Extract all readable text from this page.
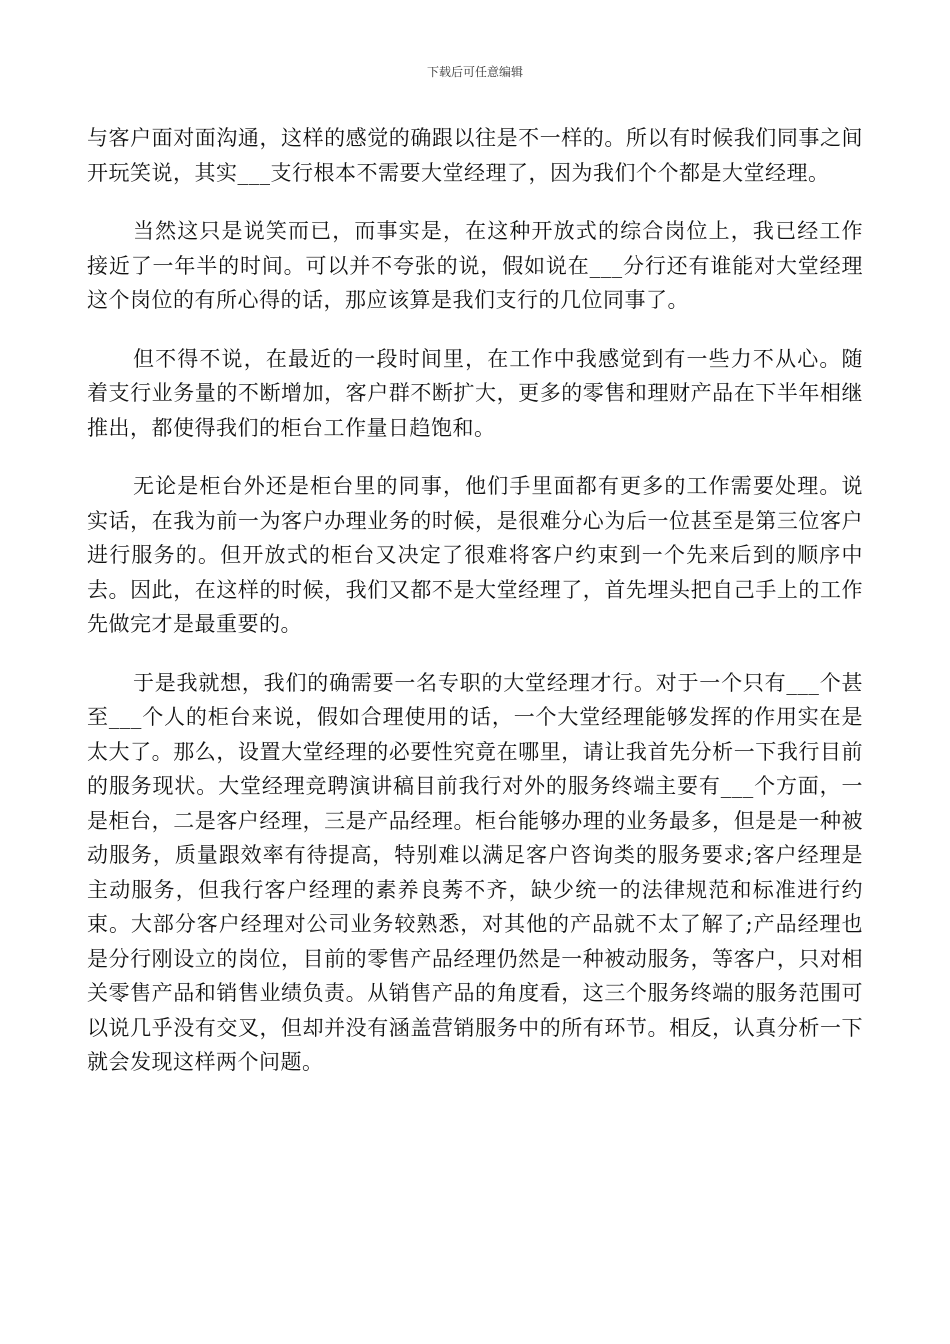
下载后可任意编辑

与客户面对面沟通，这样的感觉的确跟以往是不一样的。所以有时候我们同事之间开玩笑说，其实___支行根本不需要大堂经理了，因为我们个个都是大堂经理。

当然这只是说笑而已，而事实是，在这种开放式的综合岗位上，我已经工作接近了一年半的时间。可以并不夸张的说，假如说在___分行还有谁能对大堂经理这个岗位的有所心得的话，那应该算是我们支行的几位同事了。

但不得不说，在最近的一段时间里，在工作中我感觉到有一些力不从心。随着支行业务量的不断增加，客户群不断扩大，更多的零售和理财产品在下半年相继推出，都使得我们的柜台工作量日趋饱和。

无论是柜台外还是柜台里的同事，他们手里面都有更多的工作需要处理。说实话，在我为前一为客户办理业务的时候，是很难分心为后一位甚至是第三位客户进行服务的。但开放式的柜台又决定了很难将客户约束到一个先来后到的顺序中去。因此，在这样的时候，我们又都不是大堂经理了，首先埋头把自己手上的工作先做完才是最重要的。

于是我就想，我们的确需要一名专职的大堂经理才行。对于一个只有___个甚至___个人的柜台来说，假如合理使用的话，一个大堂经理能够发挥的作用实在是太大了。那么，设置大堂经理的必要性究竟在哪里，请让我首先分析一下我行目前的服务现状。大堂经理竞聘演讲稿目前我行对外的服务终端主要有___个方面，一是柜台，二是客户经理，三是产品经理。柜台能够办理的业务最多，但是是一种被动服务，质量跟效率有待提高，特别难以满足客户咨询类的服务要求;客户经理是主动服务，但我行客户经理的素养良莠不齐，缺少统一的法律规范和标准进行约束。大部分客户经理对公司业务较熟悉，对其他的产品就不太了解了;产品经理也是分行刚设立的岗位，目前的零售产品经理仍然是一种被动服务，等客户，只对相关零售产品和销售业绩负责。从销售产品的角度看，这三个服务终端的服务范围可以说几乎没有交叉，但却并没有涵盖营销服务中的所有环节。相反，认真分析一下就会发现这样两个问题。
